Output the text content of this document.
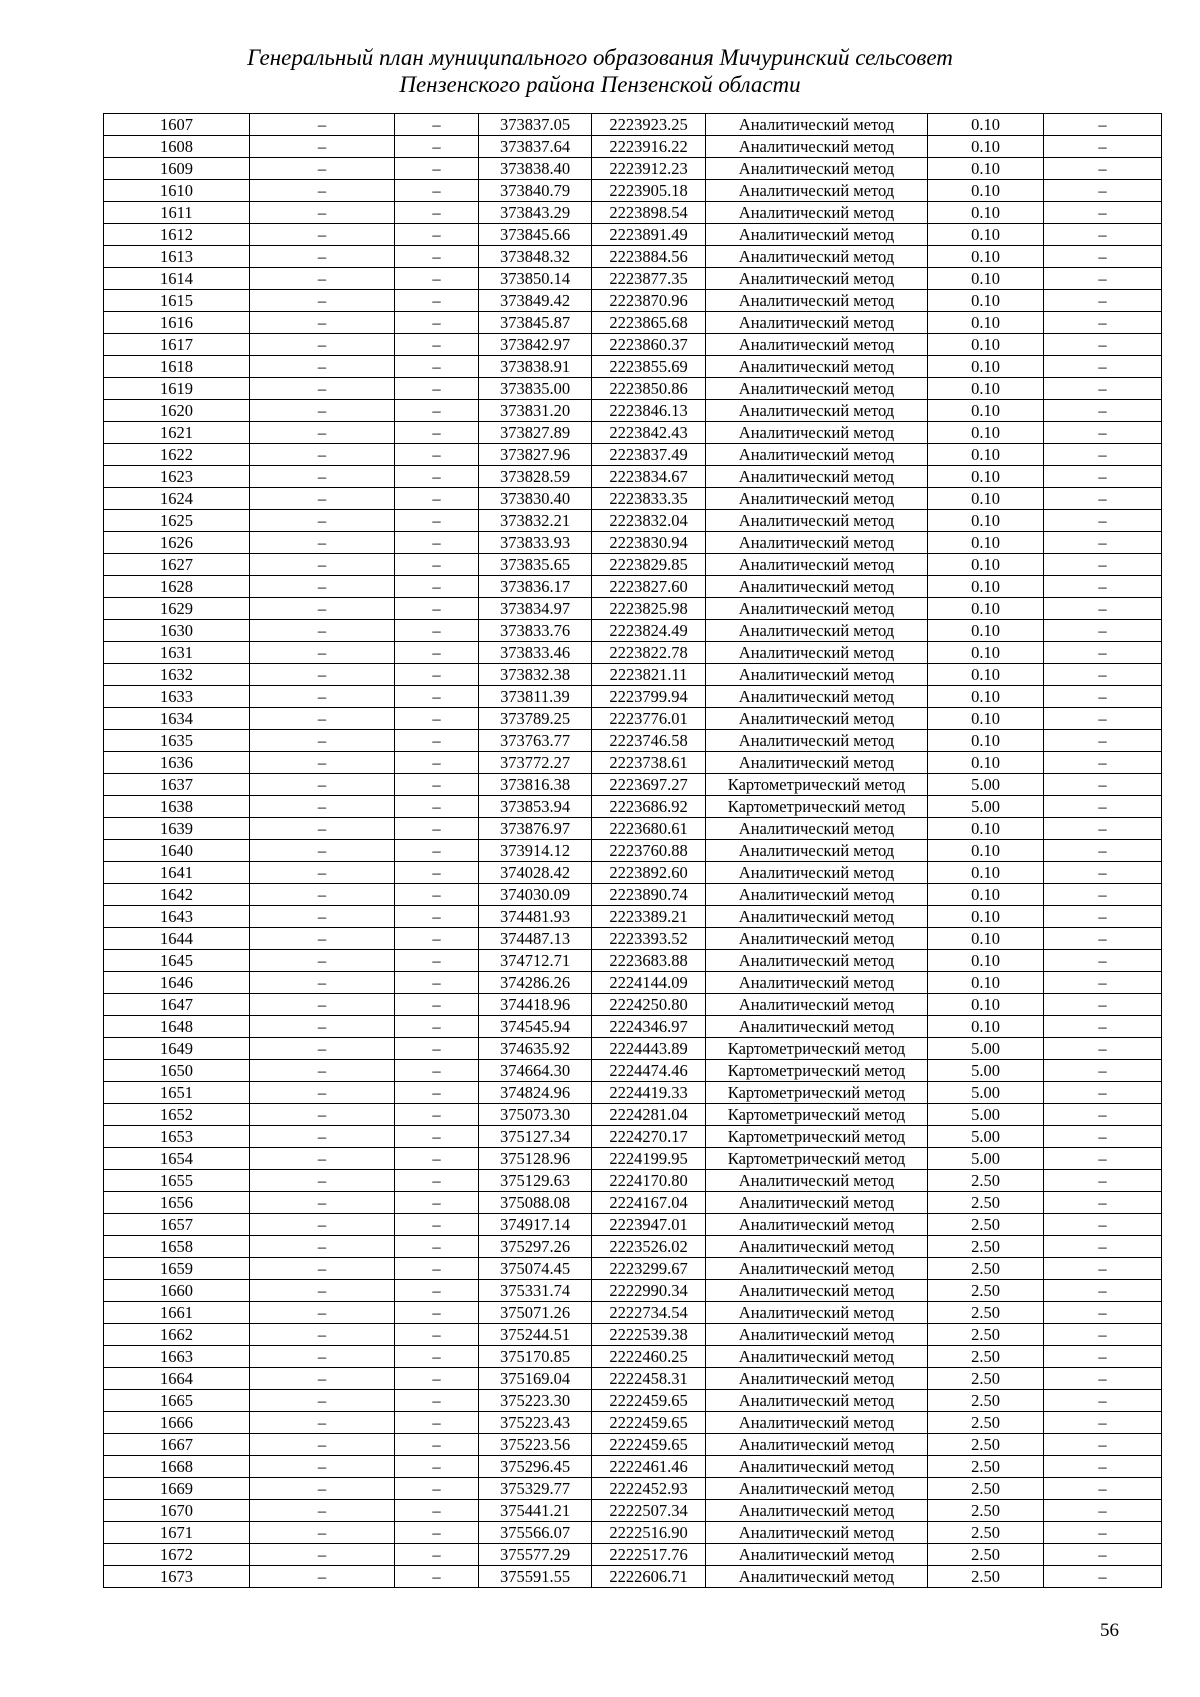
Генеральный план муниципального образования Мичуринский сельсовет
Пензенского района Пензенской области
1607	–	–	373837.05	2223923.25	Аналитический метод	0.10	–
1608	–	–	373837.64	2223916.22	Аналитический метод	0.10	–
1609	–	–	373838.40	2223912.23	Аналитический метод	0.10	–
1610	–	–	373840.79	2223905.18	Аналитический метод	0.10	–
1611	–	–	373843.29	2223898.54	Аналитический метод	0.10	–
1612	–	–	373845.66	2223891.49	Аналитический метод	0.10	–
1613	–	–	373848.32	2223884.56	Аналитический метод	0.10	–
1614	–	–	373850.14	2223877.35	Аналитический метод	0.10	–
1615	–	–	373849.42	2223870.96	Аналитический метод	0.10	–
1616	–	–	373845.87	2223865.68	Аналитический метод	0.10	–
1617	–	–	373842.97	2223860.37	Аналитический метод	0.10	–
1618	–	–	373838.91	2223855.69	Аналитический метод	0.10	–
1619	–	–	373835.00	2223850.86	Аналитический метод	0.10	–
1620	–	–	373831.20	2223846.13	Аналитический метод	0.10	–
1621	–	–	373827.89	2223842.43	Аналитический метод	0.10	–
1622	–	–	373827.96	2223837.49	Аналитический метод	0.10	–
1623	–	–	373828.59	2223834.67	Аналитический метод	0.10	–
1624	–	–	373830.40	2223833.35	Аналитический метод	0.10	–
1625	–	–	373832.21	2223832.04	Аналитический метод	0.10	–
1626	–	–	373833.93	2223830.94	Аналитический метод	0.10	–
1627	–	–	373835.65	2223829.85	Аналитический метод	0.10	–
1628	–	–	373836.17	2223827.60	Аналитический метод	0.10	–
1629	–	–	373834.97	2223825.98	Аналитический метод	0.10	–
1630	–	–	373833.76	2223824.49	Аналитический метод	0.10	–
1631	–	–	373833.46	2223822.78	Аналитический метод	0.10	–
1632	–	–	373832.38	2223821.11	Аналитический метод	0.10	–
1633	–	–	373811.39	2223799.94	Аналитический метод	0.10	–
1634	–	–	373789.25	2223776.01	Аналитический метод	0.10	–
1635	–	–	373763.77	2223746.58	Аналитический метод	0.10	–
1636	–	–	373772.27	2223738.61	Аналитический метод	0.10	–
1637	–	–	373816.38	2223697.27	Картометрический метод	5.00	–
1638	–	–	373853.94	2223686.92	Картометрический метод	5.00	–
1639	–	–	373876.97	2223680.61	Аналитический метод	0.10	–
1640	–	–	373914.12	2223760.88	Аналитический метод	0.10	–
1641	–	–	374028.42	2223892.60	Аналитический метод	0.10	–
1642	–	–	374030.09	2223890.74	Аналитический метод	0.10	–
1643	–	–	374481.93	2223389.21	Аналитический метод	0.10	–
1644	–	–	374487.13	2223393.52	Аналитический метод	0.10	–
1645	–	–	374712.71	2223683.88	Аналитический метод	0.10	–
1646	–	–	374286.26	2224144.09	Аналитический метод	0.10	–
1647	–	–	374418.96	2224250.80	Аналитический метод	0.10	–
1648	–	–	374545.94	2224346.97	Аналитический метод	0.10	–
1649	–	–	374635.92	2224443.89	Картометрический метод	5.00	–
1650	–	–	374664.30	2224474.46	Картометрический метод	5.00	–
1651	–	–	374824.96	2224419.33	Картометрический метод	5.00	–
1652	–	–	375073.30	2224281.04	Картометрический метод	5.00	–
1653	–	–	375127.34	2224270.17	Картометрический метод	5.00	–
1654	–	–	375128.96	2224199.95	Картометрический метод	5.00	–
1655	–	–	375129.63	2224170.80	Аналитический метод	2.50	–
1656	–	–	375088.08	2224167.04	Аналитический метод	2.50	–
1657	–	–	374917.14	2223947.01	Аналитический метод	2.50	–
1658	–	–	375297.26	2223526.02	Аналитический метод	2.50	–
1659	–	–	375074.45	2223299.67	Аналитический метод	2.50	–
1660	–	–	375331.74	2222990.34	Аналитический метод	2.50	–
1661	–	–	375071.26	2222734.54	Аналитический метод	2.50	–
1662	–	–	375244.51	2222539.38	Аналитический метод	2.50	–
1663	–	–	375170.85	2222460.25	Аналитический метод	2.50	–
1664	–	–	375169.04	2222458.31	Аналитический метод	2.50	–
1665	–	–	375223.30	2222459.65	Аналитический метод	2.50	–
1666	–	–	375223.43	2222459.65	Аналитический метод	2.50	–
1667	–	–	375223.56	2222459.65	Аналитический метод	2.50	–
1668	–	–	375296.45	2222461.46	Аналитический метод	2.50	–
1669	–	–	375329.77	2222452.93	Аналитический метод	2.50	–
1670	–	–	375441.21	2222507.34	Аналитический метод	2.50	–
1671	–	–	375566.07	2222516.90	Аналитический метод	2.50	–
1672	–	–	375577.29	2222517.76	Аналитический метод	2.50	–
1673	–	–	375591.55	2222606.71	Аналитический метод	2.50	–
56
